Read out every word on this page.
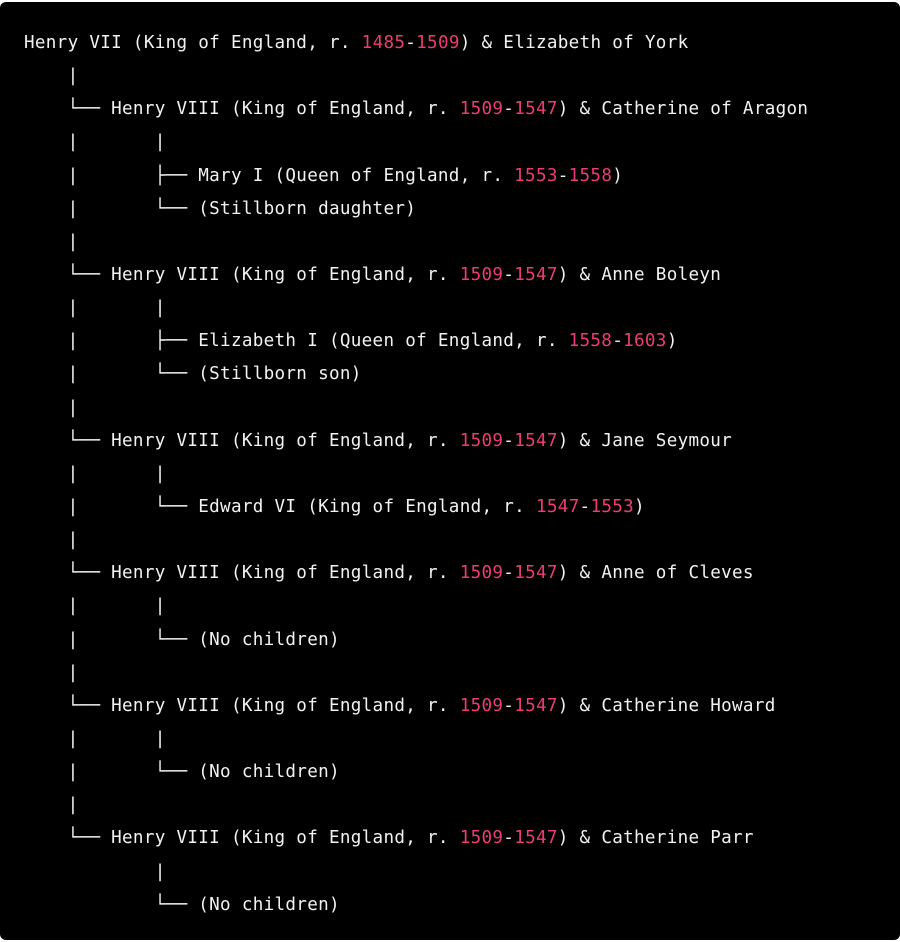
Henry VII (King of England, r. 1485-1509) & Elizabeth of York
|
└── Henry VIII (King of England, r. 1509-1547) & Catherine of Aragon
|       |
|       ├── Mary I (Queen of England, r. 1553-1558)
|       └── (Stillborn daughter)
|
└── Henry VIII (King of England, r. 1509-1547) & Anne Boleyn
|       |
|       ├── Elizabeth I (Queen of England, r. 1558-1603)
|       └── (Stillborn son)
|
└── Henry VIII (King of England, r. 1509-1547) & Jane Seymour
|       |
|       └── Edward VI (King of England, r. 1547-1553)
|
└── Henry VIII (King of England, r. 1509-1547) & Anne of Cleves
|       |
|       └── (No children)
|
└── Henry VIII (King of England, r. 1509-1547) & Catherine Howard
|       |
|       └── (No children)
|
└── Henry VIII (King of England, r. 1509-1547) & Catherine Parr
|
└── (No children)
